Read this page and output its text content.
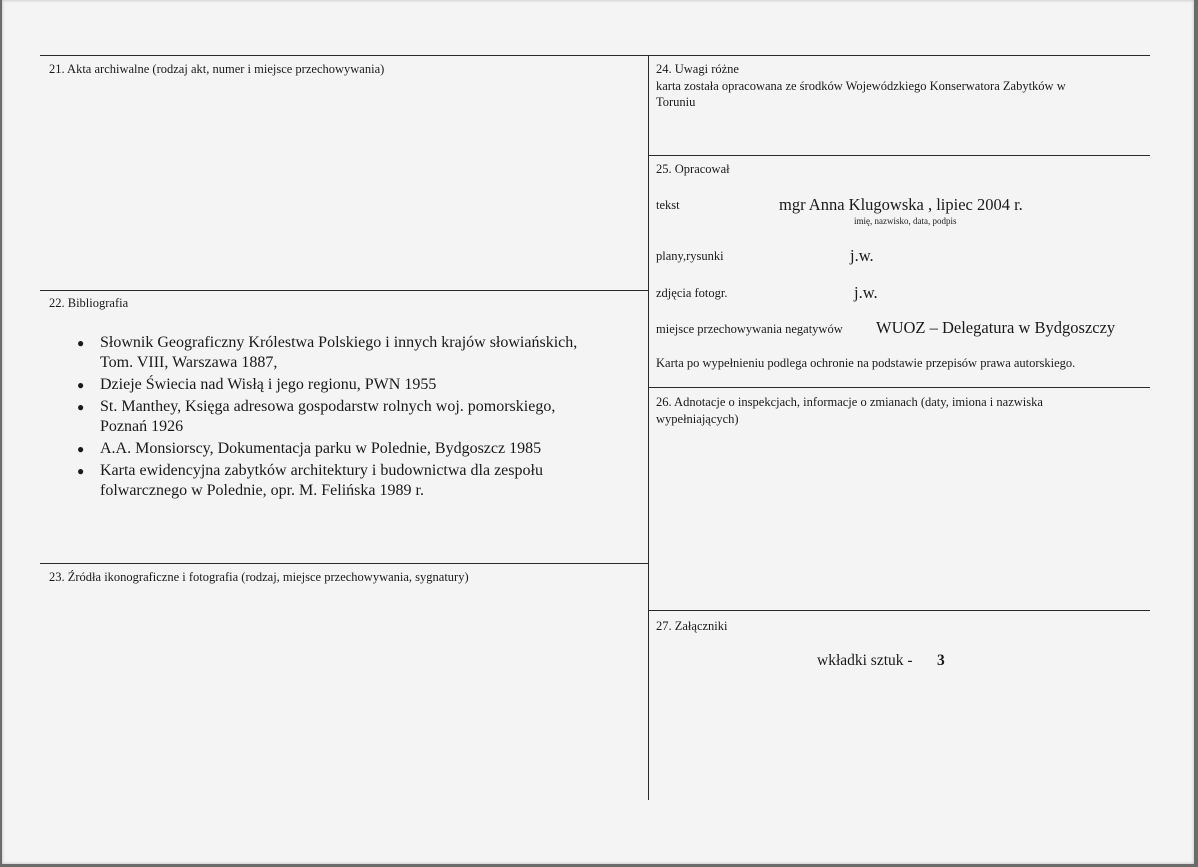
21. Akta archiwalne (rodzaj akt, numer i miejsce przechowywania)
22. Bibliografia
● Słownik Geograficzny Królestwa Polskiego i innych krajów słowiańskich,
Tom. VIII, Warszawa 1887,
● Dzieje Świecia nad Wisłą i jego regionu, PWN 1955
● St. Manthey, Księga adresowa gospodarstw rolnych woj. pomorskiego,
Poznań 1926
● A.A. Monsiorscy, Dokumentacja parku w Polednie, Bydgoszcz 1985
● Karta ewidencyjna zabytków architektury i budownictwa dla zespołu
folwarcznego w Polednie, opr. M. Felińska 1989 r.
23. Źródła ikonograficzne i fotografia (rodzaj, miejsce przechowywania, sygnatury)
24. Uwagi różne
karta została opracowana ze środków Wojewódzkiego Konserwatora Zabytków w
Toruniu
25. Opracował
tekst	mgr Anna Klugowska , lipiec 2004 r.
imię, nazwisko, data, podpis
plany,rysunki	j.w.
zdjęcia fotogr.	j.w.
miejsce przechowywania negatywów WUOZ – Delegatura w Bydgoszczy
Karta po wypełnieniu podlega ochronie na podstawie przepisów prawa autorskiego.
26. Adnotacje o inspekcjach, informacje o zmianach (daty, imiona i nazwiska
wypełniających)
27. Załączniki
wkładki sztuk - 3
